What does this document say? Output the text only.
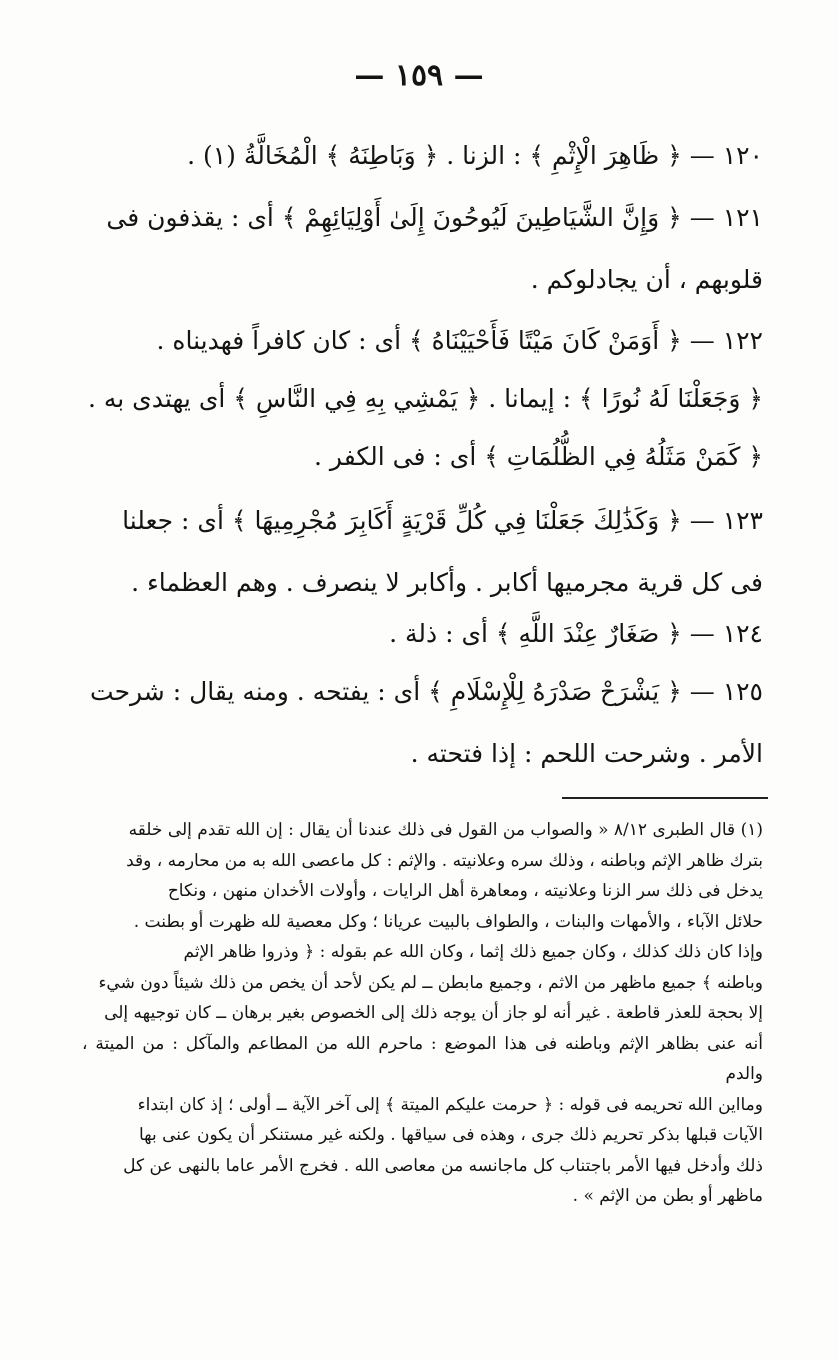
— ١٥٩ —

١٢٠ — ﴿ ظَاهِرَ الْإِثْمِ ﴾ : الزنا . ﴿ وَبَاطِنَهُ ﴾ الْمُخَالَّةُ (١) .

١٢١ — ﴿ وَإِنَّ الشَّيَاطِينَ لَيُوحُونَ إِلَىٰ أَوْلِيَائِهِمْ ﴾ أى : يقذفون فى

قلوبهم ، أن يجادلوكم .

١٢٢ — ﴿ أَوَمَنْ كَانَ مَيْتًا فَأَحْيَيْنَاهُ ﴾ أى : كان كافراً فهديناه .

﴿ وَجَعَلْنَا لَهُ نُورًا ﴾ : إيمانا . ﴿ يَمْشِي بِهِ فِي النَّاسِ ﴾ أى يهتدى به .

﴿ كَمَنْ مَثَلُهُ فِي الظُّلُمَاتِ ﴾ أى : فى الكفر .

١٢٣ — ﴿ وَكَذَٰلِكَ جَعَلْنَا فِي كُلِّ قَرْيَةٍ أَكَابِرَ مُجْرِمِيهَا ﴾ أى : جعلنا

فى كل قرية مجرميها أكابر . وأكابر لا ينصرف . وهم العظماء .

١٢٤ — ﴿ صَغَارٌ عِنْدَ اللَّهِ ﴾ أى : ذلة .

١٢٥ — ﴿ يَشْرَحْ صَدْرَهُ لِلْإِسْلَامِ ﴾ أى : يفتحه . ومنه يقال : شرحت

الأمر . وشرحت اللحم : إذا فتحته .

(١) قال الطبرى ٨/١٢ « والصواب من القول فى ذلك عندنا أن يقال : إن الله تقدم إلى خلقه

بترك ظاهر الإثم وباطنه ، وذلك سره وعلانيته . والإثم : كل ماعصى الله به من محارمه ، وقد

يدخل فى ذلك سر الزنا وعلانيته ، ومعاهرة أهل الرايات ، وأولات الأخدان منهن ، ونكاح

حلائل الآباء ، والأمهات والبنات ، والطواف بالبيت عريانا ؛ وكل معصية لله ظهرت أو بطنت .

وإذا كان ذلك كذلك ، وكان جميع ذلك إثما ، وكان الله عم بقوله : ﴿ وذروا ظاهر الإثم

وباطنه ﴾ جميع ماظهر من الاثم ، وجميع مابطن ــ لم يكن لأحد أن يخص من ذلك شيئاً دون شيء

إلا بحجة للعذر قاطعة . غير أنه لو جاز أن يوجه ذلك إلى الخصوص بغير برهان ــ كان توجيهه إلى

أنه عنى بظاهر الإثم وباطنه فى هذا الموضع : ماحرم الله من المطاعم والمآكل : من الميتة ، والدم

ومااين الله تحريمه فى قوله : ﴿ حرمت عليكم الميتة ﴾ إلى آخر الآية ــ أولى ؛ إذ كان ابتداء

الآيات قبلها بذكر تحريم ذلك جرى ، وهذه فى سياقها . ولكنه غير مستنكر أن يكون عنى بها

ذلك وأدخل فيها الأمر باجتناب كل ماجانسه من معاصى الله . فخرج الأمر عاما بالنهى عن كل

ماظهر أو بطن من الإثم » .
